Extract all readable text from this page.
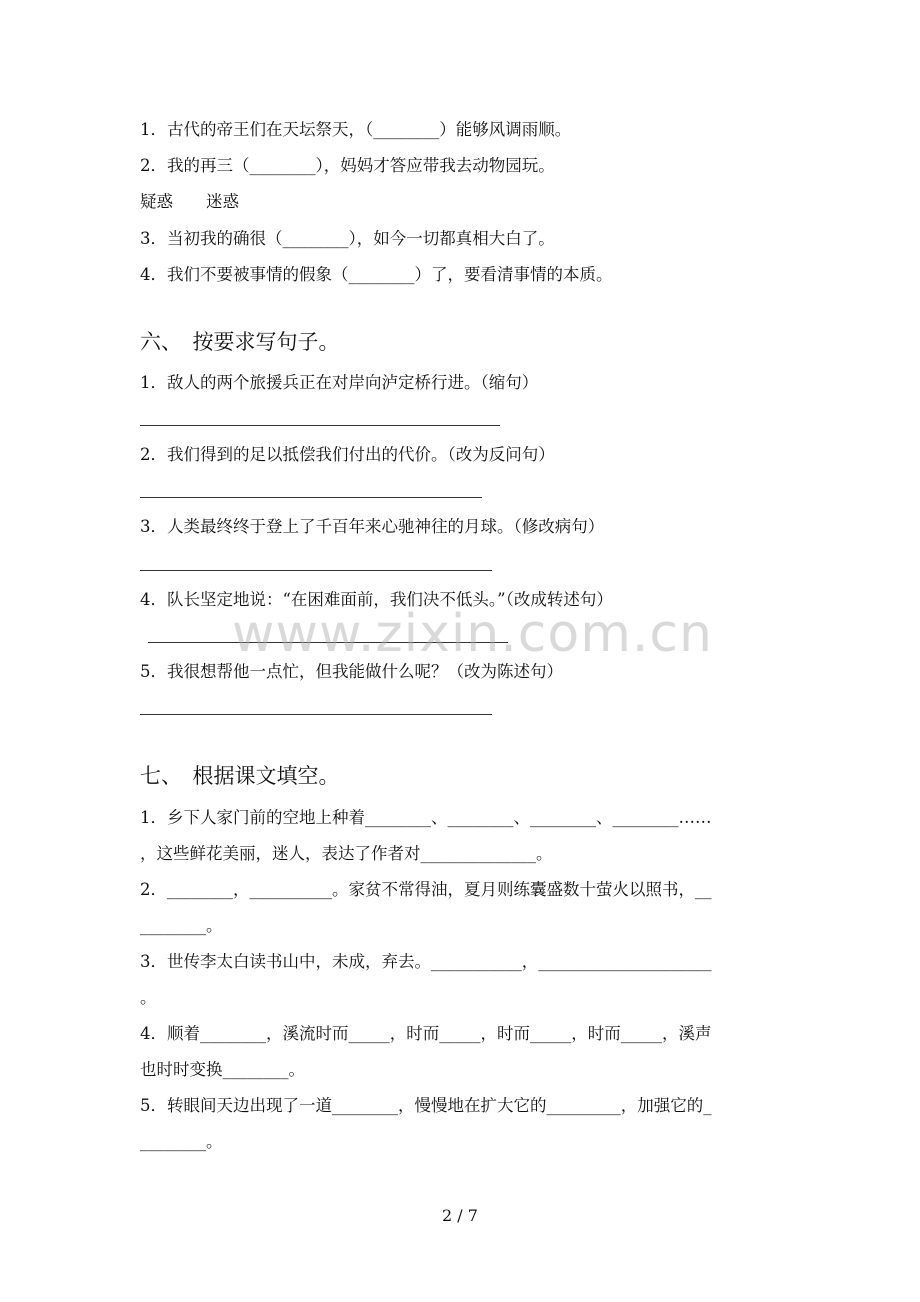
1．古代的帝王们在天坛祭天，（________）能够风调雨顺。
2．我的再三（________），妈妈才答应带我去动物园玩。
疑惑　　迷惑
3．当初我的确很（________），如今一切都真相大白了。
4．我们不要被事情的假象（________）了，要看清事情的本质。
六、　按要求写句子。
1．敌人的两个旅援兵正在对岸向泸定桥行进。（缩句）
2．我们得到的足以抵偿我们付出的代价。（改为反问句）
3．人类最终终于登上了千百年来心驰神往的月球。（修改病句）
4．队长坚定地说：“在困难面前，我们决不低头。”（改成转述句）
5．我很想帮他一点忙，但我能做什么呢？（改为陈述句）
七、　根据课文填空。
1．乡下人家门前的空地上种着________、________、________、________……
，这些鲜花美丽，迷人，表达了作者对______________。
2．________，__________。家贫不常得油，夏月则练囊盛数十萤火以照书，__
________。
3．世传李太白读书山中，未成，弃去。___________，_____________________
。
4．顺着________，溪流时而_____，时而_____，时而_____，时而_____，溪声
也时时变换________。
5．转眼间天边出现了一道________，慢慢地在扩大它的_________，加强它的_
________。
www.zixin.com.cn
2 / 7
